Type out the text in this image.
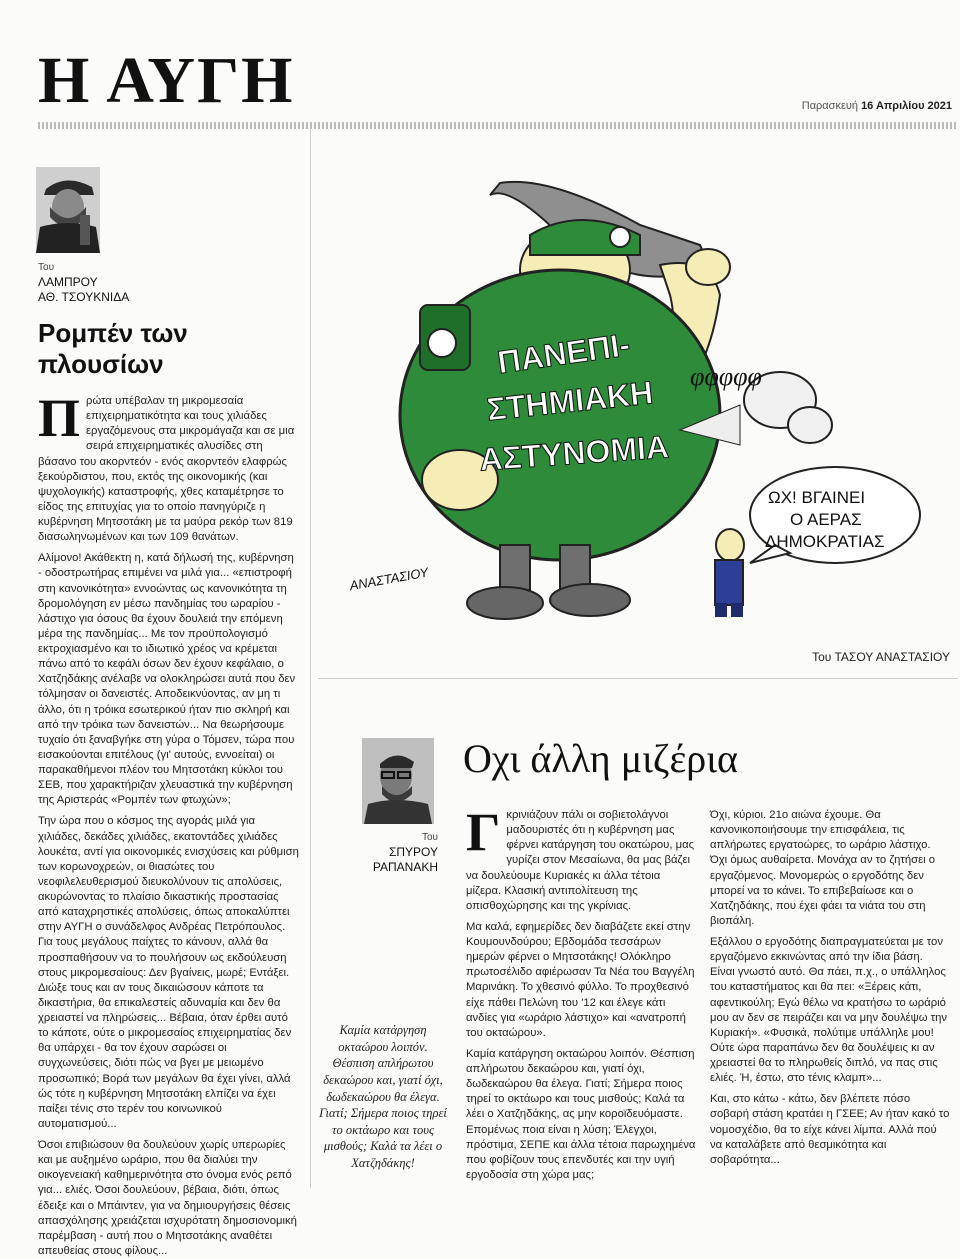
Η ΑΥΓΗ	Παρασκευή 16 Απριλίου 2021
Του
ΛΑΜΠΡΟΥ
ΑΘ. ΤΣΟΥΚΝΙΔΑ
Ρομπέν των πλουσίων

Πρώτα υπέβαλαν τη μικρομεσαία επιχειρηματικότητα και τους χιλιάδες εργαζόμενους στα μικρομάγαζα και σε μια σειρά επιχειρηματικές αλυσίδες στη βάσανο του ακορντεόν - ενός ακορντεόν ελαφρώς ξεκούρδιστου, που, εκτός της οικονομικής (και ψυχολογικής) καταστροφής, χθες καταμέτρησε το είδος της επιτυχίας για το οποίο πανηγύριζε η κυβέρνηση Μητσοτάκη με τα μαύρα ρεκόρ των 819 διασωληνωμένων και των 109 θανάτων.

Αλίμονο! Ακάθεκτη η, κατά δήλωσή της, κυβέρνηση - οδοστρωτήρας επιμένει να μιλά για... «επιστροφή στη κανονικότητα» εννοώντας ως κανονικότητα τη δρομολόγηση εν μέσω πανδημίας του ωραρίου - λάστιχο για όσους θα έχουν δουλειά την επόμενη μέρα της πανδημίας... Με τον προϋπολογισμό εκτροχιασμένο και το ιδιωτικό χρέος να κρέμεται πάνω από το κεφάλι όσων δεν έχουν κεφάλαιο, ο Χατζηδάκης ανέλαβε να ολοκληρώσει αυτά που δεν τόλμησαν οι δανειστές. Αποδεικνύοντας, αν μη τι άλλο, ότι η τρόικα εσωτερικού ήταν πιο σκληρή και από την τρόικα των δανειστών... Να θεωρήσουμε τυχαίο ότι ξαναβγήκε στη γύρα ο Τόμσεν, τώρα που εισακούονται επιτέλους (γι' αυτούς, εννοείται) οι παρακαθήμενοι πλέον του Μητσοτάκη κύκλοι του ΣΕΒ, που χαρακτήριζαν χλευαστικά την κυβέρνηση της Αριστεράς «Ρομπέν των φτωχών»;

Την ώρα που ο κόσμος της αγοράς μιλά για χιλιάδες, δεκάδες χιλιάδες, εκατοντάδες χιλιάδες λουκέτα, αντί για οικονομικές ενισχύσεις και ρύθμιση των κορωνοχρεών, οι θιασώτες του νεοφιλελευθερισμού διευκολύνουν τις απολύσεις, ακυρώνοντας το πλαίσιο δικαστικής προστασίας από καταχρηστικές απολύσεις, όπως αποκαλύπτει στην ΑΥΓΗ ο συνάδελφος Ανδρέας Πετρόπουλος. Για τους μεγάλους παίχτες το κάνουν, αλλά θα προσπαθήσουν να το πουλήσουν ως εκδούλευση στους μικρομεσαίους: Δεν βγαίνεις, μωρέ; Εντάξει. Διώξε τους και αν τους δικαιώσουν κάποτε τα δικαστήρια, θα επικαλεστείς αδυναμία και δεν θα χρειαστεί να πληρώσεις... Βέβαια, όταν έρθει αυτό το κάποτε, ούτε ο μικρομεσαίος επιχειρηματίας δεν θα υπάρχει - θα τον έχουν σαρώσει οι συγχωνεύσεις, διότι πώς να βγει με μειωμένο προσωπικό; Βορά των μεγάλων θα έχει γίνει, αλλά ώς τότε η κυβέρνηση Μητσοτάκη ελπίζει να έχει παίξει τένις στο τερέν του κοινωνικού αυτοματισμού...

Όσοι επιβιώσουν θα δουλεύουν χωρίς υπερωρίες και με αυξημένο ωράριο, που θα διαλύει την οικογενειακή καθημερινότητα στο όνομα ενός ρεπό για... ελιές. Όσοι δουλεύουν, βέβαια, διότι, όπως έδειξε και ο Μπάιντεν, για να δημιουργήσεις θέσεις απασχόλησης χρειάζεται ισχυρότατη δημοσιονομική παρέμβαση - αυτή που ο Μητσοτάκης αναθέτει απευθείας στους φίλους...

ΠΑΝΕΠΙ-
ΣΤΗΜΙΑΚΗ
ΑΣΤΥΝΟΜΙΑ
φφφφφ
ΩΧ! ΒΓΑΙΝΕΙ
Ο ΑΕΡΑΣ
ΔΗΜΟΚΡΑΤΙΑΣ
ΑΝΑΣΤΑΣΙΟΥ
Του ΤΑΣΟΥ ΑΝΑΣΤΑΣΙΟΥ
Του
ΣΠΥΡΟΥ
ΡΑΠΑΝΑΚΗ
Οχι άλλη μιζέρια
Καμία κατάργηση οκταώρου λοιπόν. Θέσπιση απλήρωτου δεκαώρου και, γιατί όχι, δωδεκαώρου θα έλεγα. Γιατί; Σήμερα ποιος τηρεί το οκτάωρο και τους μισθούς; Καλά τα λέει ο Χατζηδάκης!

Γκρινιάζουν πάλι οι σοβιετολάγνοι μαδουριστές ότι η κυβέρνηση μας φέρνει κατάργηση του οκατώρου, μας γυρίζει στον Μεσαίωνα, θα μας βάζει να δουλεύουμε Κυριακές κι άλλα τέτοια μίζερα. Κλασική αντιπολίτευση της οπισθοχώρησης και της γκρίνιας.

Μα καλά, εφημερίδες δεν διαβάζετε εκεί στην Κουμουνδούρου; Εβδομάδα τεσσάρων ημερών φέρνει ο Μητσοτάκης! Ολόκληρο πρωτοσέλιδο αφιέρωσαν Τα Νέα του Βαγγέλη Μαρινάκη. Το χθεσινό φύλλο. Το προχθεσινό είχε πάθει Πελώνη του '12 και έλεγε κάτι ανδίες για «ωράριο λάστιχο» και «ανατροπή του οκταώρου».

Καμία κατάργηση οκταώρου λοιπόν. Θέσπιση απλήρωτου δεκαώρου και, γιατί όχι, δωδεκαώρου θα έλεγα. Γιατί; Σήμερα ποιος τηρεί το οκτάωρο και τους μισθούς; Καλά τα λέει ο Χατζηδάκης, ας μην κοροϊδευόμαστε. Επομένως ποια είναι η λύση; Έλεγχοι, πρόστιμα, ΣΕΠΕ και άλλα τέτοια παρωχημένα που φοβίζουν τους επενδυτές και την υγιή εργοδοσία στη χώρα μας;

Όχι, κύριοι. 21ο αιώνα έχουμε. Θα κανονικοποιήσουμε την επισφάλεια, τις απλήρωτες εργατοώρες, το ωράριο λάστιχο. Όχι όμως αυθαίρετα. Μονάχα αν το ζητήσει ο εργαζόμενος. Μονομερώς ο εργοδότης δεν μπορεί να το κάνει. Το επιβεβαίωσε και ο Χατζηδάκης, που έχει φάει τα νιάτα του στη βιοπάλη.

Εξάλλου ο εργοδότης διαπραγματεύεται με τον εργαζόμενο εκκινώντας από την ίδια βάση. Είναι γνωστό αυτό. Θα πάει, π.χ., ο υπάλληλος του καταστήματος και θα πει: «Ξέρεις κάτι, αφεντικούλη; Εγώ θέλω να κρατήσω το ωράριό μου αν δεν σε πειράζει και να μην δουλέψω την Κυριακή». «Φυσικά, πολύτιμε υπάλληλε μου! Ούτε ώρα παραπάνω δεν θα δουλέψεις κι αν χρειαστεί θα το πληρωθείς διπλό, να πας στις ελιές. Ή, έστω, στο τένις κλαμπ»...

Και, στο κάτω - κάτω, δεν βλέπετε πόσο σοβαρή στάση κρατάει η ΓΣΕΕ; Αν ήταν κακό το νομοσχέδιο, θα το είχε κάνει λίμπα. Αλλά πού να καταλάβετε από θεσμικότητα και σοβαρότητα...
